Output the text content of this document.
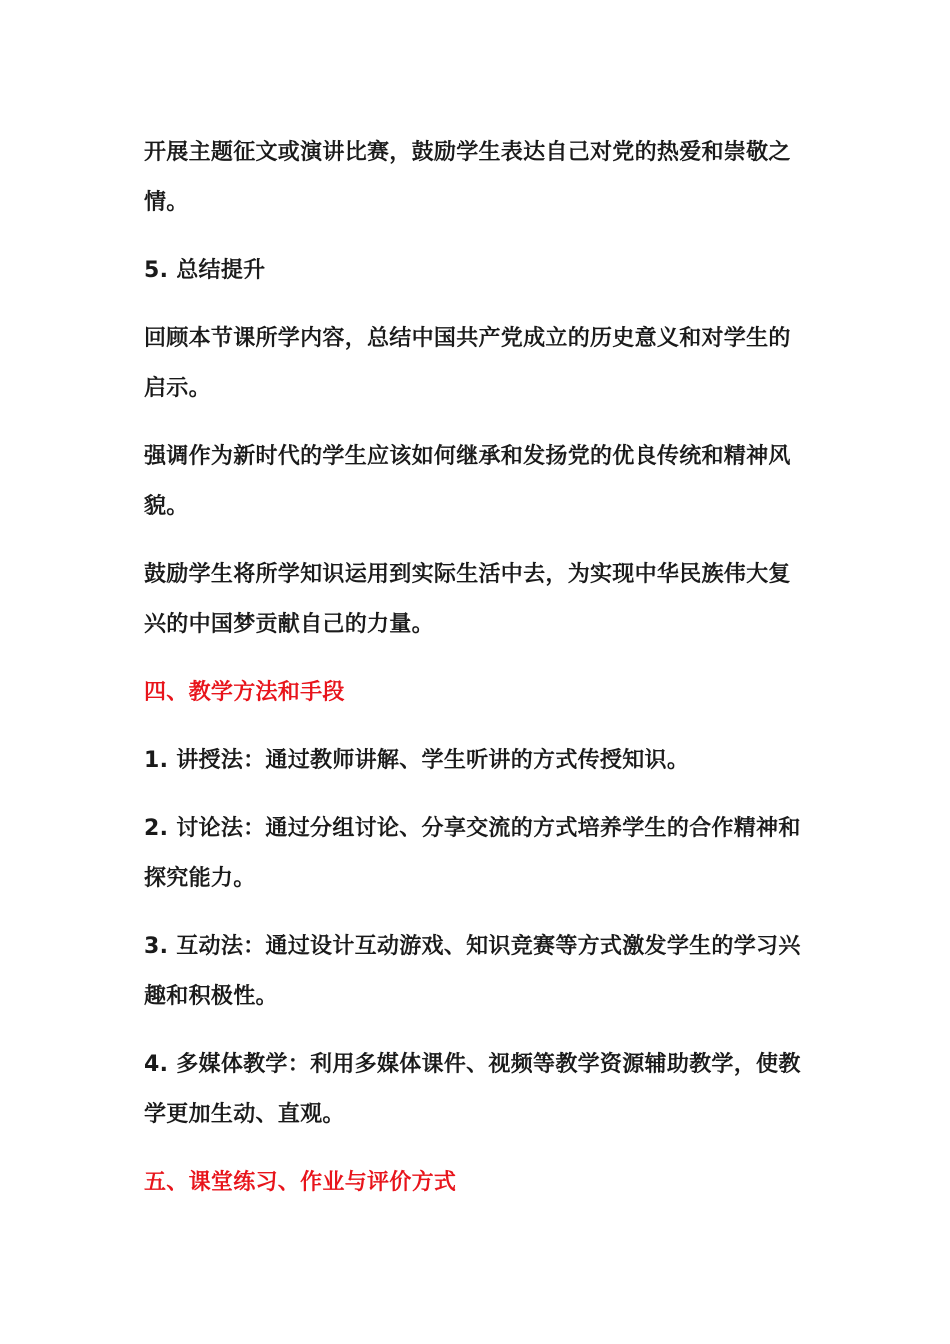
开展主题征文或演讲比赛，鼓励学生表达自己对党的热爱和崇敬之情。

5. 总结提升

回顾本节课所学内容，总结中国共产党成立的历史意义和对学生的启示。

强调作为新时代的学生应该如何继承和发扬党的优良传统和精神风貌。

鼓励学生将所学知识运用到实际生活中去，为实现中华民族伟大复兴的中国梦贡献自己的力量。

四、教学方法和手段

1. 讲授法：通过教师讲解、学生听讲的方式传授知识。

2. 讨论法：通过分组讨论、分享交流的方式培养学生的合作精神和探究能力。

3. 互动法：通过设计互动游戏、知识竞赛等方式激发学生的学习兴趣和积极性。

4. 多媒体教学：利用多媒体课件、视频等教学资源辅助教学，使教学更加生动、直观。

五、课堂练习、作业与评价方式
